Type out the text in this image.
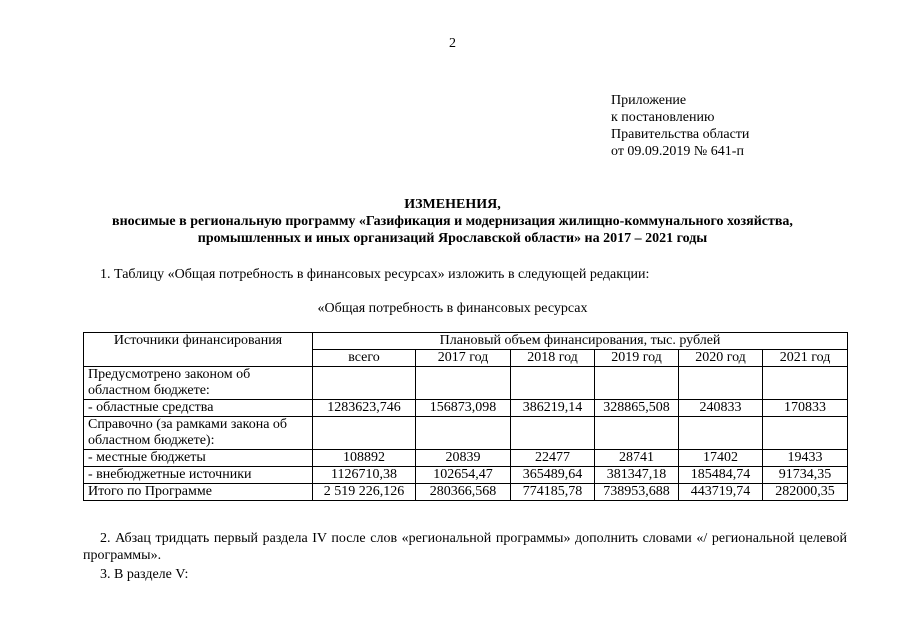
2
Приложение
к постановлению
Правительства области
от 09.09.2019 № 641-п
ИЗМЕНЕНИЯ,
вносимые в региональную программу «Газификация и модернизация жилищно-коммунального хозяйства,
промышленных и иных организаций Ярославской области» на 2017 – 2021 годы
1. Таблицу «Общая потребность в финансовых ресурсах» изложить в следующей редакции:
«Общая потребность в финансовых ресурсах
Источники финансирования	Плановый объем финансирования, тыс. рублей					
	всего	2017 год	2018 год	2019 год	2020 год	2021 год
Предусмотрено законом об областном бюджете:						
- областные средства	1283623,746	156873,098	386219,14	328865,508	240833	170833
Справочно (за рамками закона об областном бюджете):						
- местные бюджеты	108892	20839	22477	28741	17402	19433
- внебюджетные источники	1126710,38	102654,47	365489,64	381347,18	185484,74	91734,35
Итого по Программе	2 519 226,126	280366,568	774185,78	738953,688	443719,74	282000,35
2. Абзац тридцать первый раздела IV после слов «региональной программы» дополнить словами «/ региональной целевой программы».
3. В разделе V:
